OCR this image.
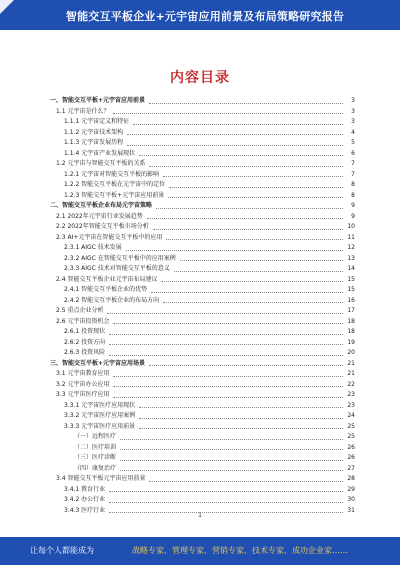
智能交互平板企业+元宇宙应用前景及布局策略研究报告
内容目录
一、智能交互平板+元宇宙应用前景	3
1.1 元宇宙是什么？	3
1.1.1 元宇宙定义和特征	3
1.1.2 元宇宙技术架构	4
1.1.3 元宇宙发展历程	5
1.1.4 元宇宙产业发展现状	6
1.2 元宇宙与智能交互平板的关系	7
1.2.1 元宇宙对智能交互平板的影响	7
1.2.2 智能交互平板在元宇宙中的定位	8
1.2.3 智能交互平板+元宇宙应用前景	8
二、智能交互平板企业布局元宇宙策略	9
2.1 2022年元宇宙行业发展趋势	9
2.2 2022年智能交互平板市场分析	10
2.3 AI+元宇宙在智能交互平板中的应用	11
2.3.1 AIGC 技术发展	12
2.3.2 AIGC 在智能交互平板中的应用案例	13
2.3.3 AIGC 技术对智能交互平板的意义	14
2.4 智能交互平板企业元宇宙布局建议	15
2.4.1 智能交互平板企业的优势	15
2.4.2 智能交互平板企业的布局方向	16
2.5 重点企业分析	17
2.6 元宇宙投资机会	18
2.6.1 投资现状	18
2.6.2 投资方向	19
2.6.3 投资风险	20
三、智能交互平板+元宇宙应用场景	21
3.1 元宇宙教育应用	21
3.2 元宇宙办公应用	22
3.3 元宇宙医疗应用	23
3.3.1 元宇宙医疗应用现状	23
3.3.2 元宇宙医疗应用案例	24
3.3.3 元宇宙医疗应用前景	25
（一）远程医疗	25
（二）医疗培训	26
（三）医疗诊断	26
（四）康复治疗	27
3.4 智能交互平板元宇宙应用前景	28
3.4.1 教育行业	29
3.4.2 办公行业	30
3.4.3 医疗行业	31
1
让每个人都能成为	战略专家、管理专家、营销专家、技术专家、成功企业家……
